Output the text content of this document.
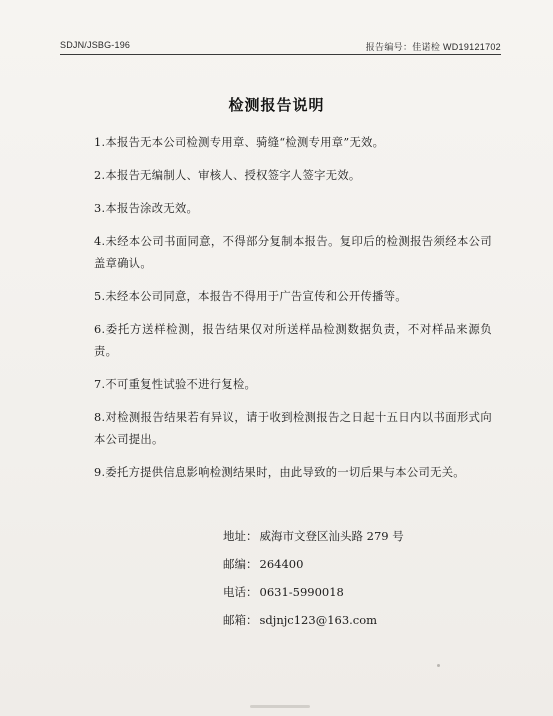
SDJN/JSBG-196	报告编号：佳诺检 WD19121702
检测报告说明
1.本报告无本公司检测专用章、骑缝“检测专用章”无效。
2.本报告无编制人、审核人、授权签字人签字无效。
3.本报告涂改无效。
4.未经本公司书面同意，不得部分复制本报告。复印后的检测报告须经本公司盖章确认。
5.未经本公司同意，本报告不得用于广告宣传和公开传播等。
6.委托方送样检测，报告结果仅对所送样品检测数据负责，不对样品来源负责。
7.不可重复性试验不进行复检。
8.对检测报告结果若有异议，请于收到检测报告之日起十五日内以书面形式向本公司提出。
9.委托方提供信息影响检测结果时，由此导致的一切后果与本公司无关。
地址： 威海市文登区汕头路 279 号
邮编： 264400
电话： 0631-5990018
邮箱： sdjnjc123@163.com
